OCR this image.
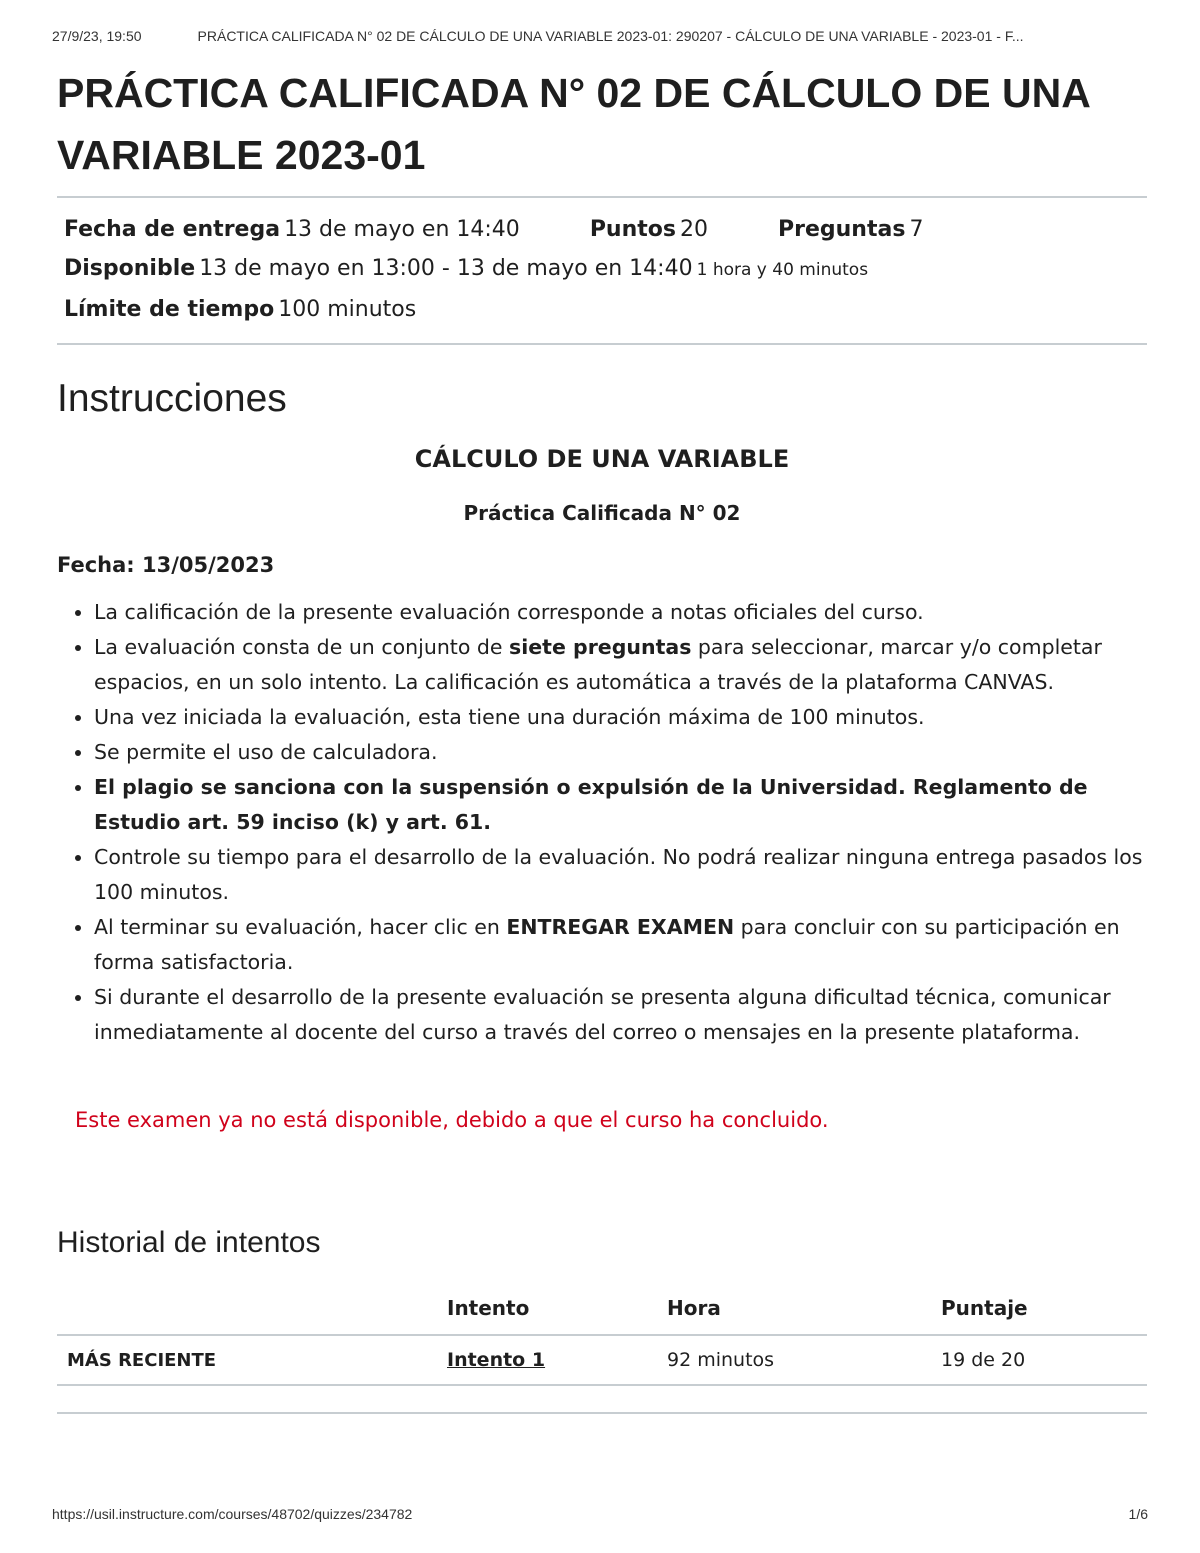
27/9/23, 19:50	PRÁCTICA CALIFICADA N° 02 DE CÁLCULO DE UNA VARIABLE 2023-01: 290207 - CÁLCULO DE UNA VARIABLE - 2023-01 - F...
PRÁCTICA CALIFICADA N° 02 DE CÁLCULO DE UNA VARIABLE 2023-01
Fecha de entrega 13 de mayo en 14:40	Puntos 20	Preguntas 7
Disponible 13 de mayo en 13:00 - 13 de mayo en 14:40 1 hora y 40 minutos
Límite de tiempo 100 minutos
Instrucciones
CÁLCULO DE UNA VARIABLE
Práctica Calificada N° 02
Fecha: 13/05/2023
• La calificación de la presente evaluación corresponde a notas oficiales del curso.
• La evaluación consta de un conjunto de siete preguntas para seleccionar, marcar y/o completar espacios, en un solo intento. La calificación es automática a través de la plataforma CANVAS.
• Una vez iniciada la evaluación, esta tiene una duración máxima de 100 minutos.
• Se permite el uso de calculadora.
• El plagio se sanciona con la suspensión o expulsión de la Universidad. Reglamento de Estudio art. 59 inciso (k) y art. 61.
• Controle su tiempo para el desarrollo de la evaluación. No podrá realizar ninguna entrega pasados los 100 minutos.
• Al terminar su evaluación, hacer clic en ENTREGAR EXAMEN para concluir con su participación en forma satisfactoria.
• Si durante el desarrollo de la presente evaluación se presenta alguna dificultad técnica, comunicar inmediatamente al docente del curso a través del correo o mensajes en la presente plataforma.
Este examen ya no está disponible, debido a que el curso ha concluido.
Historial de intentos
	Intento	Hora	Puntaje
MÁS RECIENTE	Intento 1	92 minutos	19 de 20
https://usil.instructure.com/courses/48702/quizzes/234782	1/6
